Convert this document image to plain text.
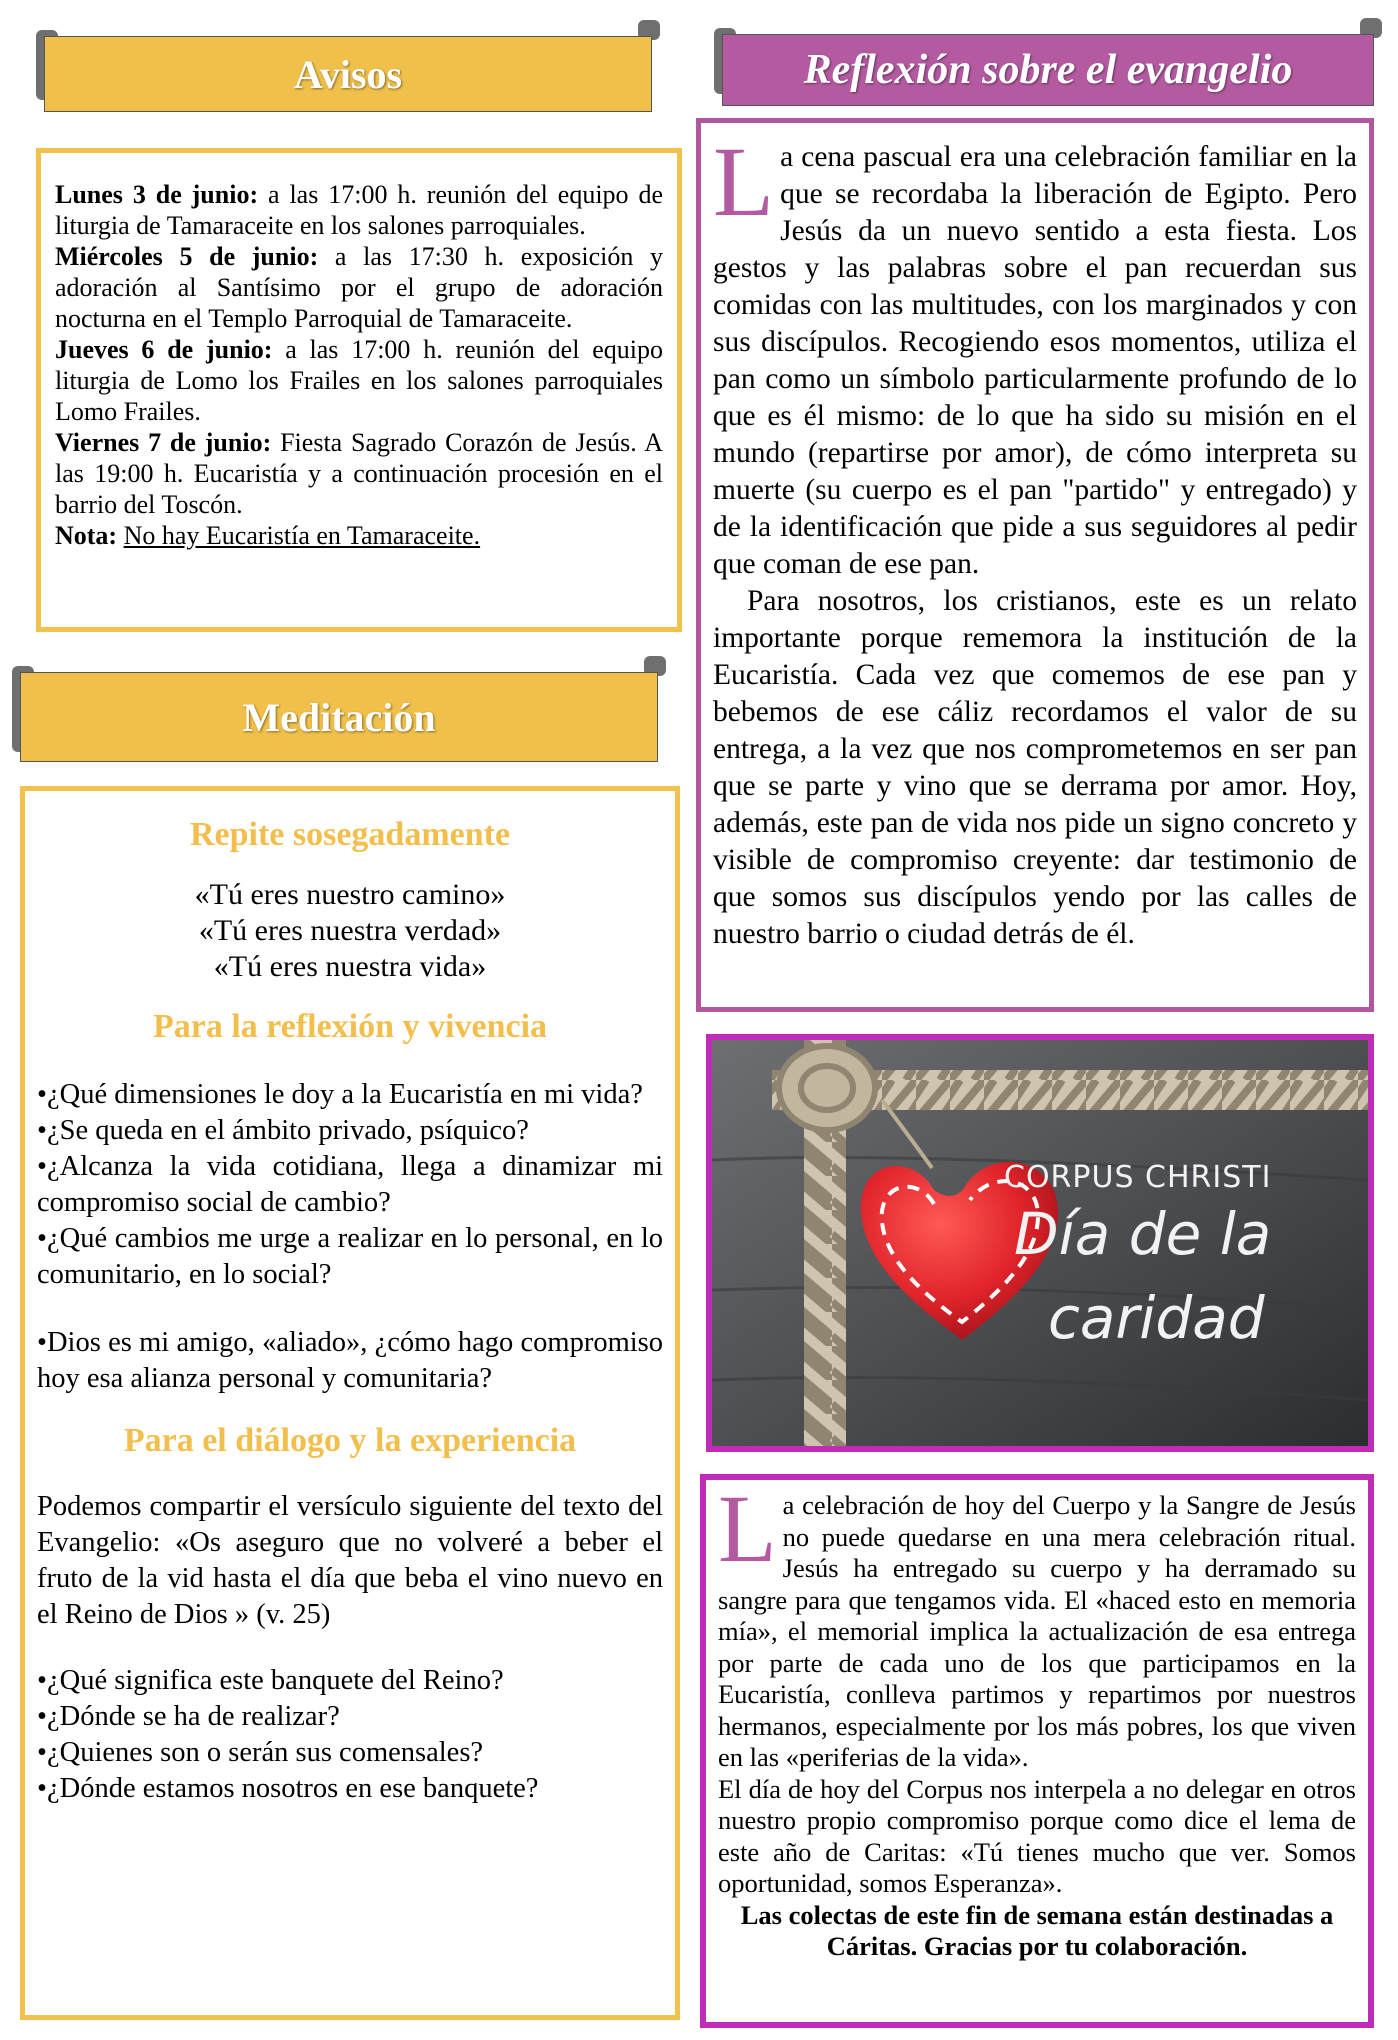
Avisos

Lunes 3 de junio: a las 17:00 h. reunión del equipo de liturgia de Tamaraceite en los salones parroquiales.

Miércoles 5 de junio: a las 17:30 h. exposición y adoración al Santísimo por el grupo de adoración nocturna en el Templo Parroquial de Tamaraceite.

Jueves 6 de junio: a las 17:00 h. reunión del equipo liturgia de Lomo los Frailes en los salones parroquiales Lomo Frailes.

Viernes 7 de junio: Fiesta Sagrado Corazón de Jesús. A las 19:00 h. Eucaristía y a continuación procesión en el barrio del Toscón.

Nota: No hay Eucaristía en Tamaraceite.

Meditación

Repite sosegadamente

«Tú eres nuestro camino»

«Tú eres nuestra verdad»

«Tú eres nuestra vida»

Para la reflexión y vivencia

•¿Qué dimensiones le doy a la Eucaristía en mi vida?

•¿Se queda en el ámbito privado, psíquico?

•¿Alcanza la vida cotidiana, llega a dinamizar mi compromiso social de cambio?

•¿Qué cambios me urge a realizar en lo personal, en lo comunitario, en lo social?

•Dios es mi amigo, «aliado», ¿cómo hago compromiso hoy esa alianza personal y comunitaria?

Para el diálogo y la experiencia

Podemos compartir el versículo siguiente del texto del Evangelio: «Os aseguro que no volveré a beber el fruto de la vid hasta el día que beba el vino nuevo en el Reino de Dios » (v. 25)

•¿Qué significa este banquete del Reino?

•¿Dónde se ha de realizar?

•¿Quienes son o serán sus comensales?

•¿Dónde estamos nosotros en ese banquete?

Reflexión sobre el evangelio

La cena pascual era una celebración familiar en la que se recordaba la liberación de Egipto. Pero Jesús da un nuevo sentido a esta fiesta. Los gestos y las palabras sobre el pan recuerdan sus comidas con las multitudes, con los marginados y con sus discípulos. Recogiendo esos momentos, utiliza el pan como un símbolo particularmente profundo de lo que es él mismo: de lo que ha sido su misión en el mundo (repartirse por amor), de cómo interpreta su muerte (su cuerpo es el pan "partido" y entregado) y de la identificación que pide a sus seguidores al pedir que coman de ese pan.

Para nosotros, los cristianos, este es un relato importante porque rememora la institución de la Eucaristía. Cada vez que comemos de ese pan y bebemos de ese cáliz recordamos el valor de su entrega, a la vez que nos comprometemos en ser pan que se parte y vino que se derrama por amor. Hoy, además, este pan de vida nos pide un signo concreto y visible de compromiso creyente: dar testimonio de que somos sus discípulos yendo por las calles de nuestro barrio o ciudad detrás de él.

CORPUS CHRISTI
Día de la
caridad

La celebración de hoy del Cuerpo y la Sangre de Jesús no puede quedarse en una mera celebración ritual. Jesús ha entregado su cuerpo y ha derramado su sangre para que tengamos vida. El «haced esto en memoria mía», el memorial implica la actualización de esa entrega por parte de cada uno de los que participamos en la Eucaristía, conlleva partimos y repartimos por nuestros hermanos, especialmente por los más pobres, los que viven en las «periferias de la vida».

El día de hoy del Corpus nos interpela a no delegar en otros nuestro propio compromiso porque como dice el lema de este año de Caritas: «Tú tienes mucho que ver. Somos oportunidad, somos Esperanza».

Las colectas de este fin de semana están destinadas a Cáritas. Gracias por tu colaboración.
